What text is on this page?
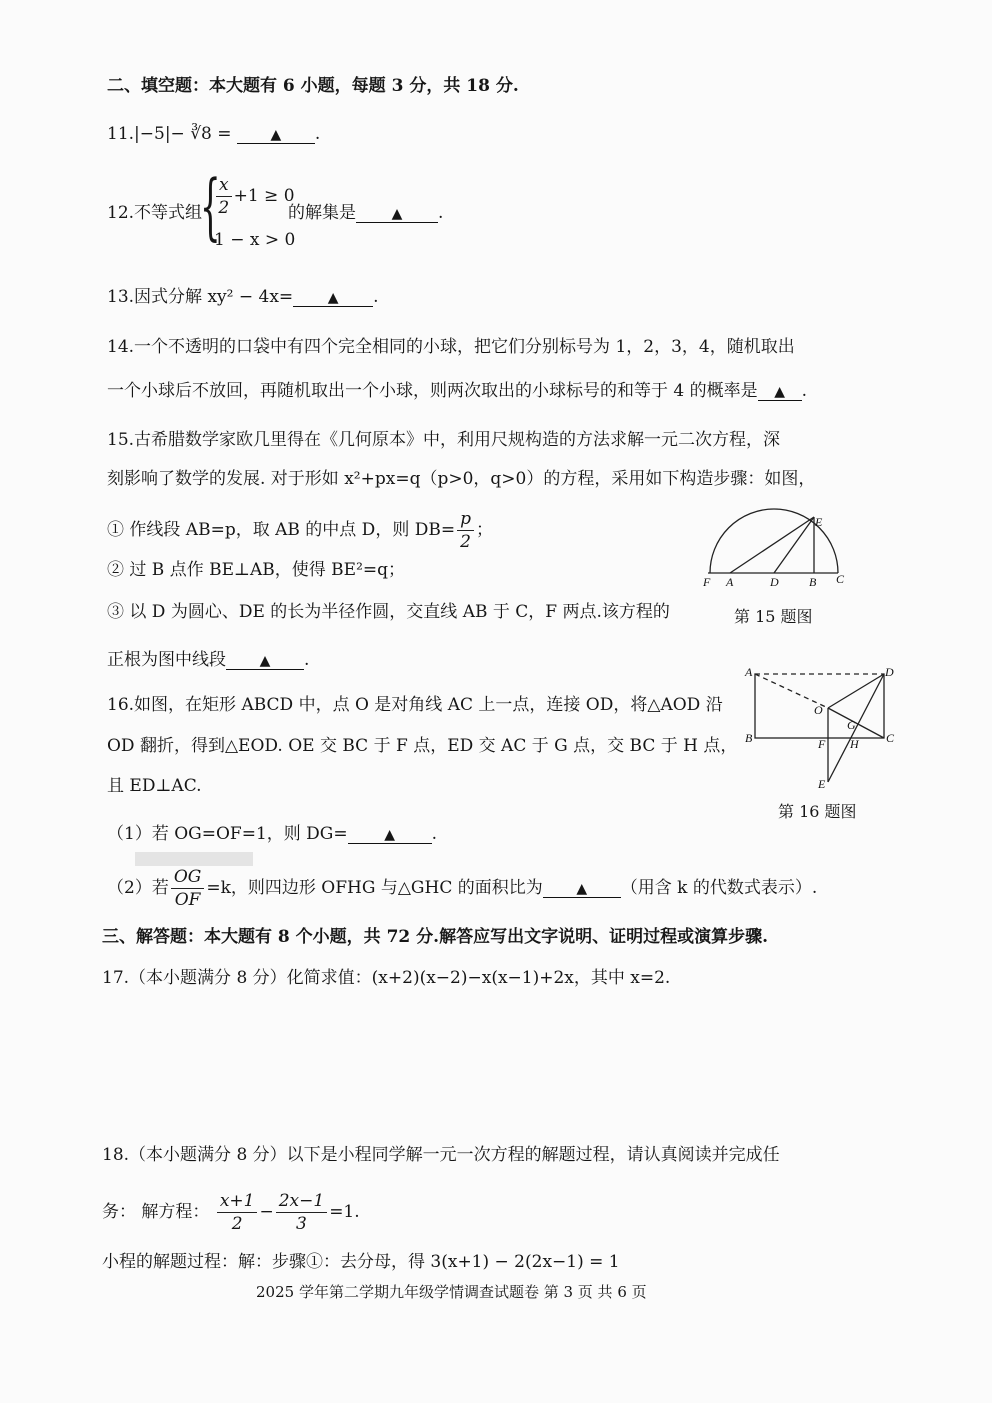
二、填空题：本大题有 6 小题，每题 3 分，共 18 分.
11.|−5|− ∛8 =	▲ .
12.不等式组
{
$\frac{x}{2} +1 \ge 0$
1 − x > 0
的解集是	▲ .
13.因式分解 xy² − 4x= ▲ .
14.一个不透明的口袋中有四个完全相同的小球，把它们分别标号为 1，2，3，4，随机取出
一个小球后不放回，再随机取出一个小球，则两次取出的小球标号的和等于 4 的概率是 ▲ .
15.古希腊数学家欧几里得在《几何原本》中，利用尺规构造的方法求解一元二次方程，深
刻影响了数学的发展. 对于形如 x²+px=q（p>0，q>0）的方程，采用如下构造步骤：如图，
① 作线段 AB=p，取 AB 的中点 D，则 $DB= \frac{p}{2}$ ；
② 过 B 点作 BE⊥AB，使得 BE²=q；
③ 以 D 为圆心、DE 的长为半径作圆，交直线 AB 于 C，F 两点.该方程的
正根为图中线段 ▲ .
F A	D	B C
E
第 15 题图
16.如图，在矩形 ABCD 中，点 O 是对角线 AC 上一点，连接 OD，将△AOD 沿
OD 翻折，得到△EOD. OE 交 BC 于 F 点，ED 交 AC 于 G 点，交 BC 于 H 点，
且 ED⊥AC.
（1）若 OG=OF=1，则 DG=	▲ .
（2）若 $\frac{OG}{OF} =k$，则四边形 OFHG 与△GHC 的面积比为 ▲ （用含 k 的代数式表示）.
A	D
O
G
B	F H C
E
第 16 题图
三、解答题：本大题有 8 个小题，共 72 分.解答应写出文字说明、证明过程或演算步骤.
17.（本小题满分 8 分）化简求值：(x+2)(x−2)−x(x−1)+2x，其中 x=2.
18.（本小题满分 8 分）以下是小程同学解一元一次方程的解题过程，请认真阅读并完成任
务： 解方程： $\frac{x+1}{2} - \frac{2x-1}{3} =1$.
小程的解题过程：解：步骤①：去分母，得 3(x+1) − 2(2x−1) = 1
2025 学年第二学期九年级学情调查试题卷 第 3 页 共 6 页
